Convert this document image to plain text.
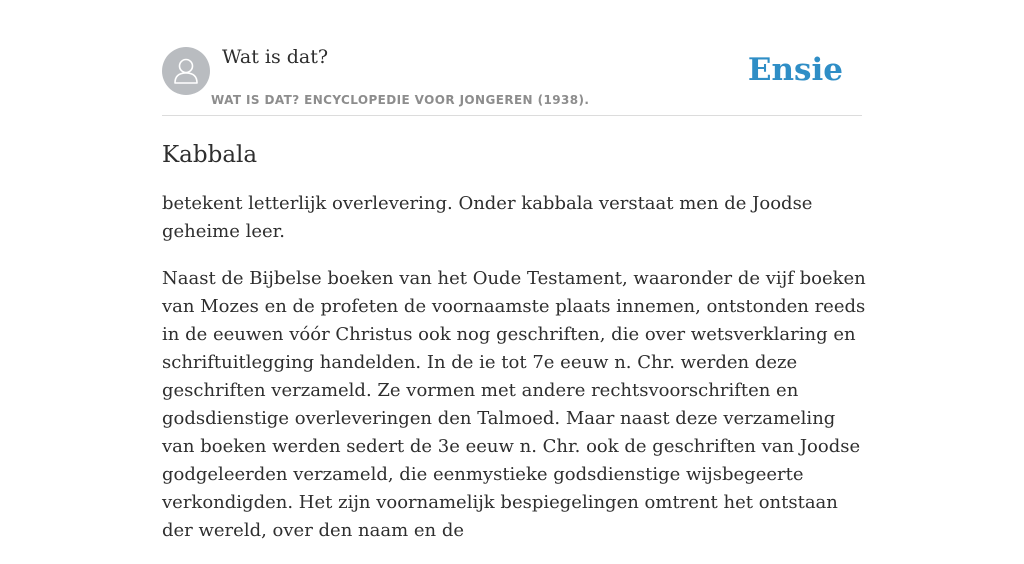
Wat is dat?
WAT IS DAT? ENCYCLOPEDIE VOOR JONGEREN (1938).
Ensie
Kabbala

betekent letterlijk overlevering. Onder kabbala verstaat men de Joodse geheime leer.

Naast de Bijbelse boeken van het Oude Testament, waaronder de vijf boeken van Mozes en de profeten de voornaamste plaats innemen, ontstonden reeds in de eeuwen vóór Christus ook nog geschriften, die over wetsverklaring en schriftuitlegging handelden. In de ie tot 7e eeuw n. Chr. werden deze geschriften verzameld. Ze vormen met andere rechtsvoorschriften en godsdienstige overleveringen den Talmoed. Maar naast deze verzameling van boeken werden sedert de 3e eeuw n. Chr. ook de geschriften van Joodse godgeleerden verzameld, die eenmystieke godsdienstige wijsbegeerte verkondigden. Het zijn voornamelijk bespiegelingen omtrent het ontstaan der wereld, over den naam en de
